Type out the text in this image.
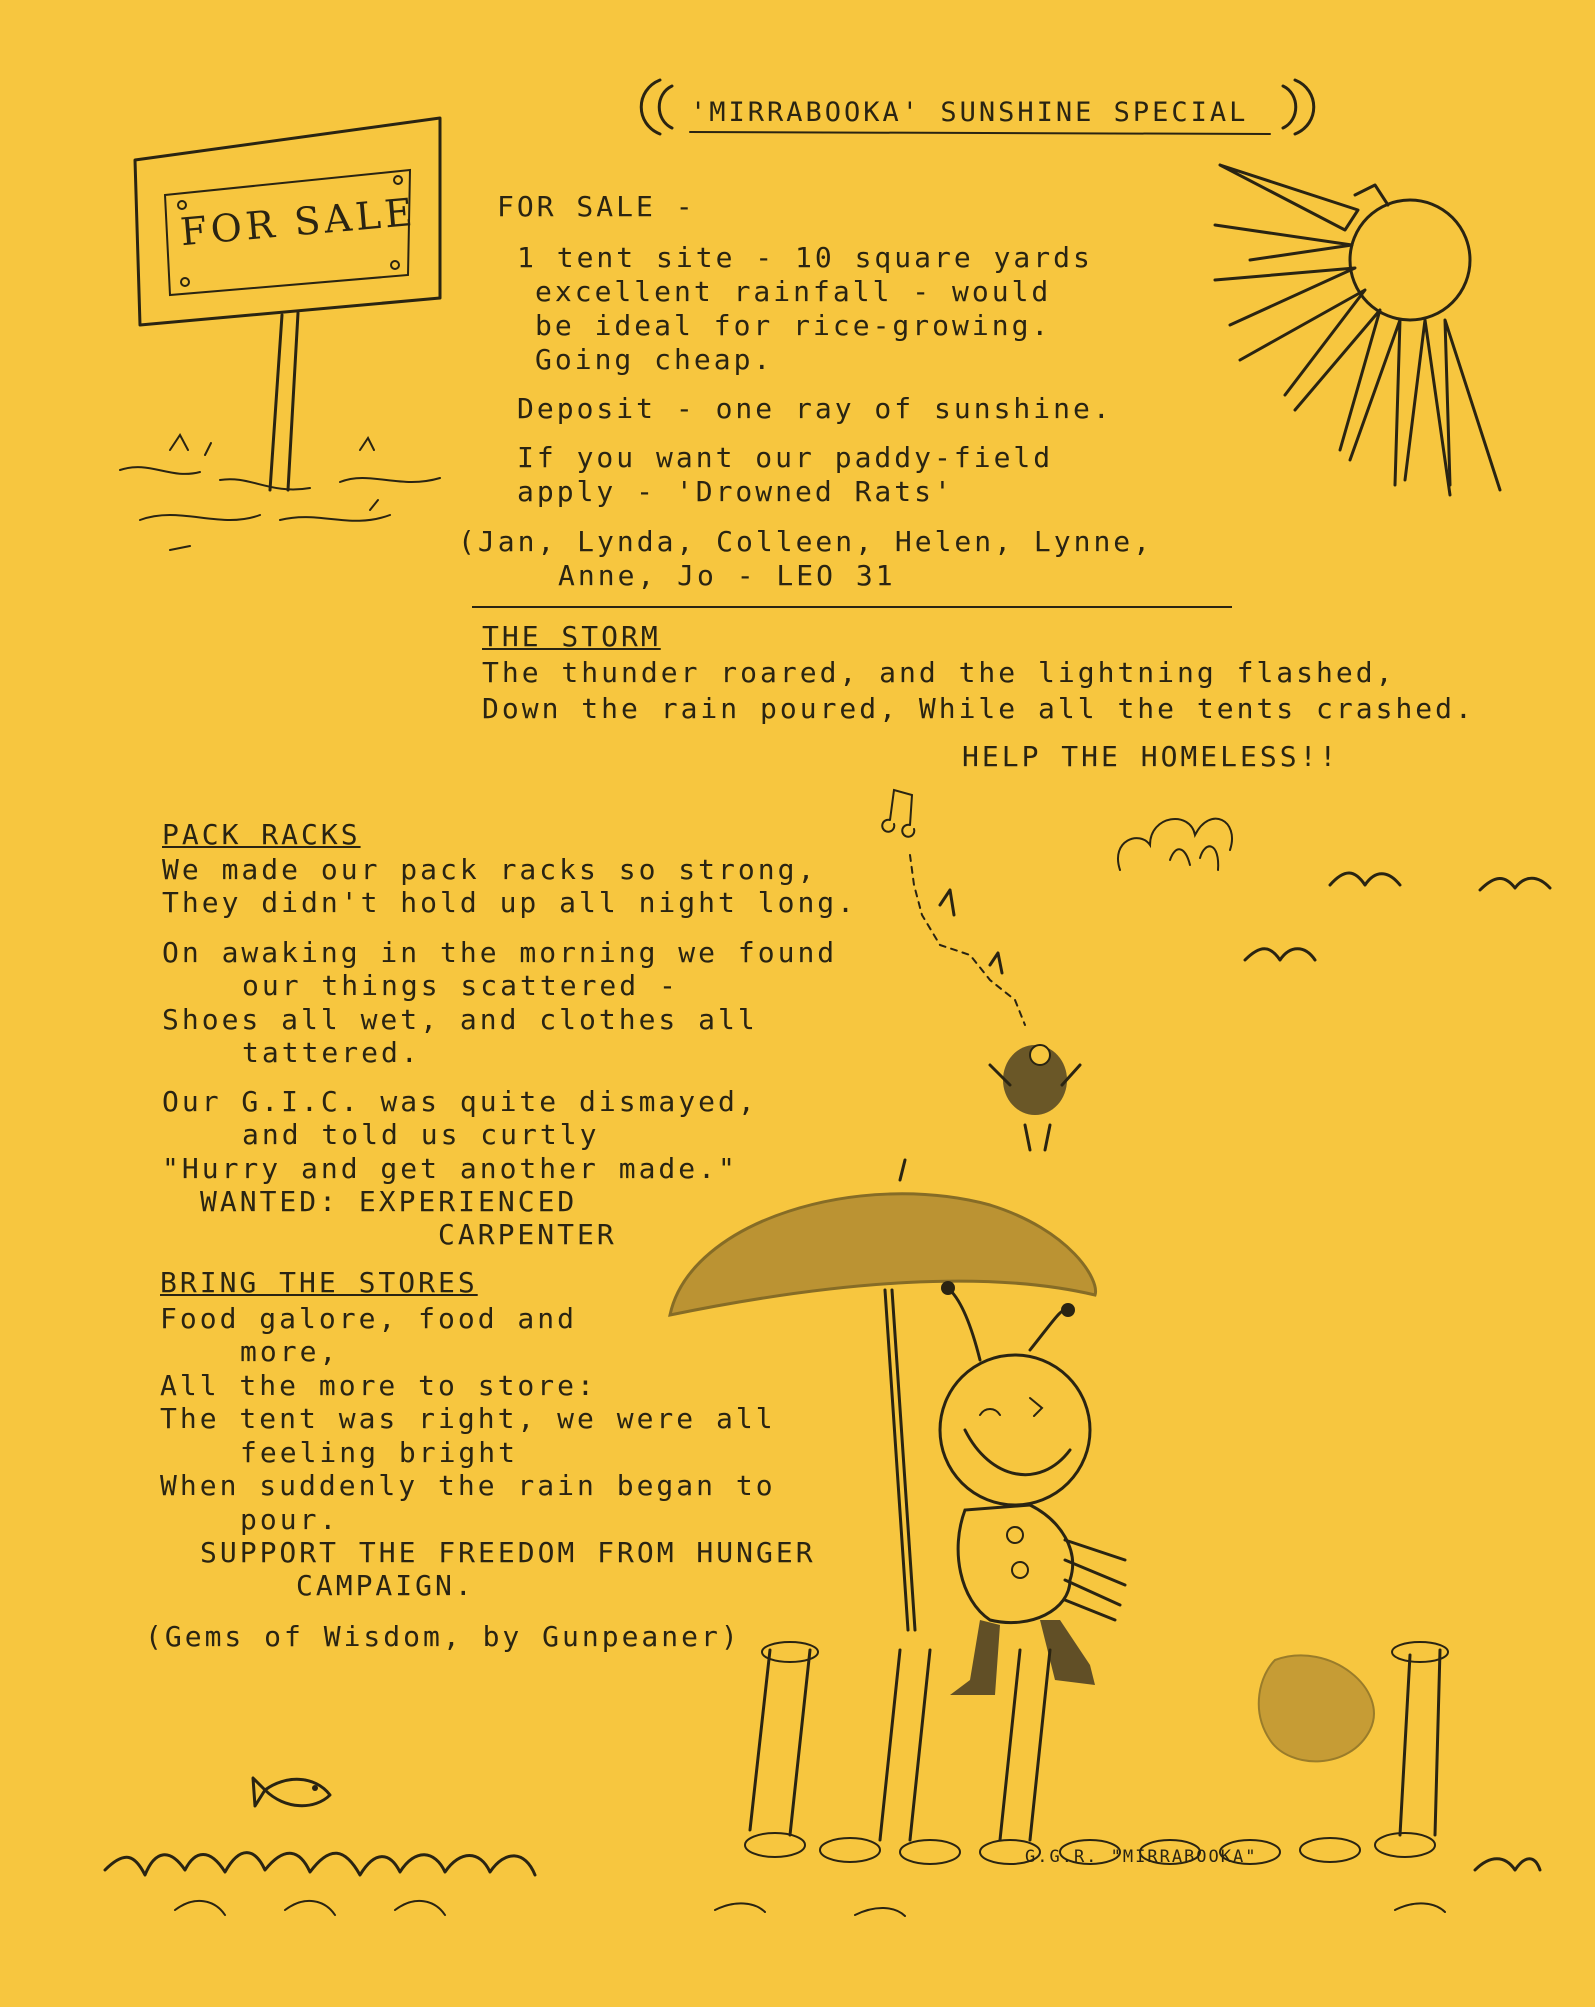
'MIRRABOOKA' SUNSHINE SPECIAL
FOR SALE	FOR SALE -
1 tent site - 10 square yards
excellent rainfall - would
be ideal for rice-growing.
Going cheap.
Deposit - one ray of sunshine.
If you want our paddy-field
apply - 'Drowned Rats'
(Jan, Lynda, Colleen, Helen, Lynne,
Anne, Jo - LEO 31
THE STORM
The thunder roared, and the lightning flashed,
Down the rain poured, While all the tents crashed.
HELP THE HOMELESS!!
PACK RACKS
We made our pack racks so strong,
They didn't hold up all night long.
On awaking in the morning we found
our things scattered -
Shoes all wet, and clothes all
tattered.
Our G.I.C. was quite dismayed,
and told us curtly
"Hurry and get another made."
WANTED: EXPERIENCED
CARPENTER
BRING THE STORES
Food galore, food and
more,
All the more to store:
The tent was right, we were all
feeling bright
When suddenly the rain began to
pour.
SUPPORT THE FREEDOM FROM HUNGER
CAMPAIGN.
(Gems of Wisdom, by Gunpeaner)
G.G.R. "MIRRABOOKA"
